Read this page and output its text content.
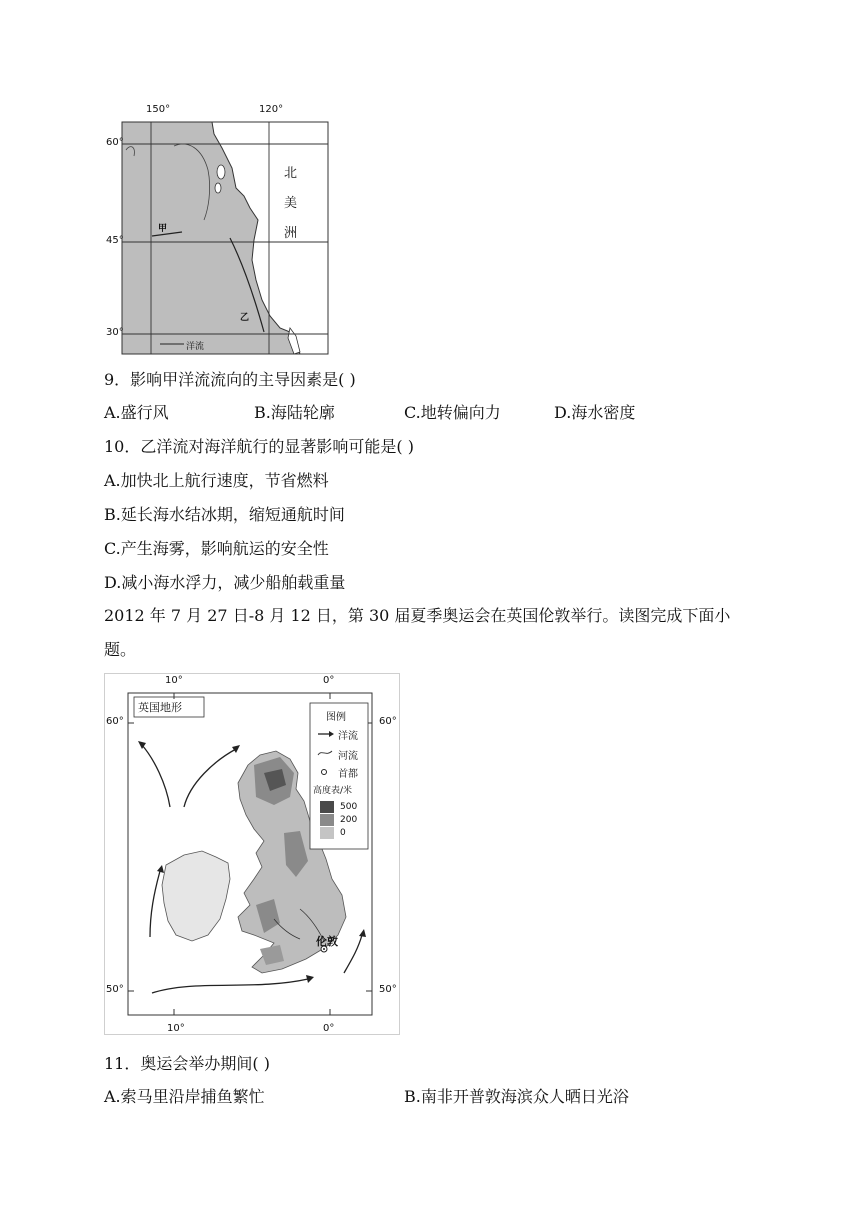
150°	120°
60°
45°
30°
北
美
洲
甲
乙
洋流
9．影响甲洋流流向的主导因素是( )
A.盛行风	B.海陆轮廓	C.地转偏向力	D.海水密度
10．乙洋流对海洋航行的显著影响可能是( )
A.加快北上航行速度，节省燃料
B.延长海水结冰期，缩短通航时间
C.产生海雾，影响航运的安全性
D.减小海水浮力，减少船舶载重量
2012 年 7 月 27 日-8 月 12 日，第 30 届夏季奥运会在英国伦敦举行。读图完成下面小
题。
英国地形
10°	0°
10°	0°
60°	60°
50°	50°
图例
洋流
河流
首都
高度表/米
500
200
0
伦敦
11．奥运会举办期间( )
A.索马里沿岸捕鱼繁忙	B.南非开普敦海滨众人晒日光浴
